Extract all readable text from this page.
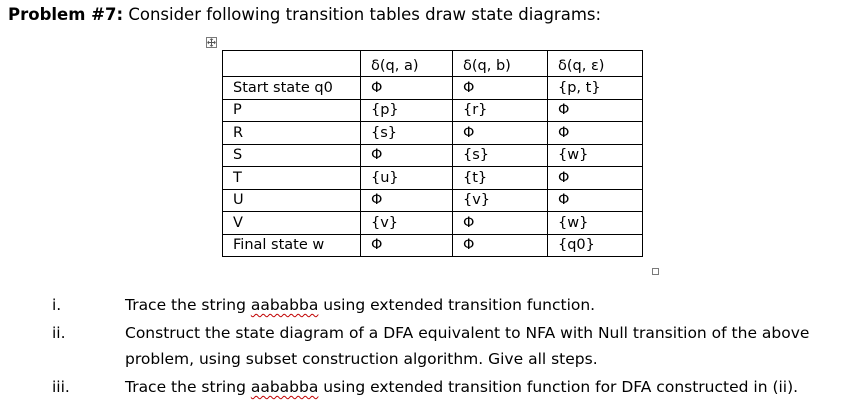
Problem #7: Consider following transition tables draw state diagrams:
	δ(q, a)	δ(q, b)	δ(q, ε)
Start state q0	Φ	Φ	{p, t}
P	{p}	{r}	Φ
R	{s}	Φ	Φ
S	Φ	{s}	{w}
T	{u}	{t}	Φ
U	Φ	{v}	Φ
V	{v}	Φ	{w}
Final state w	Φ	Φ	{q0}
i.	Trace the string aababba using extended transition function.
ii.	Construct the state diagram of a DFA equivalent to NFA with Null transition of the above
problem, using subset construction algorithm. Give all steps.
iii.	Trace the string aababba using extended transition function for DFA constructed in (ii).
